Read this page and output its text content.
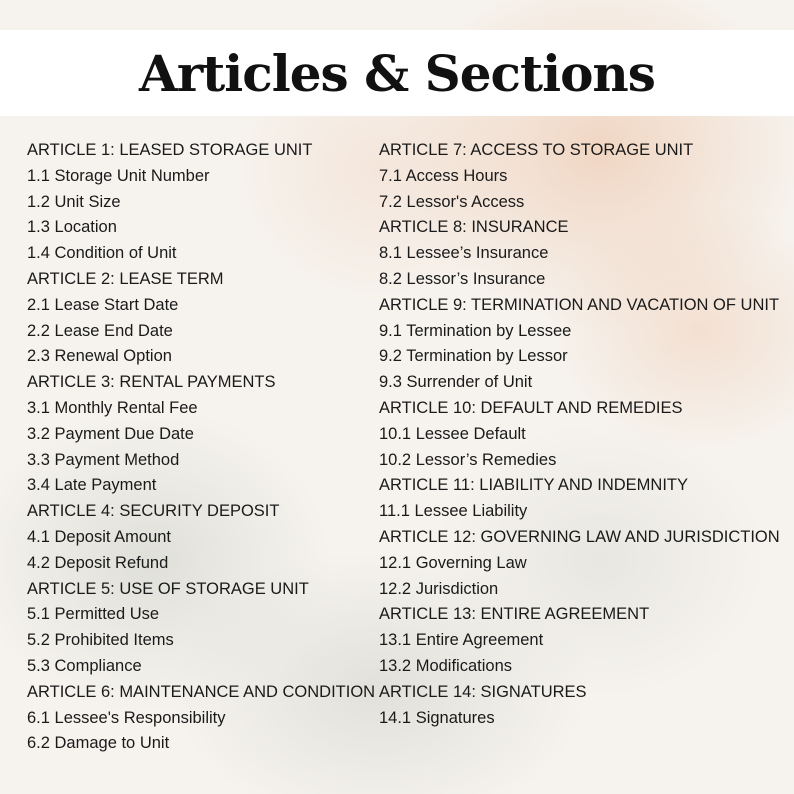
Articles & Sections
ARTICLE 1: LEASED STORAGE UNIT
1.1 Storage Unit Number
1.2 Unit Size
1.3 Location
1.4 Condition of Unit
ARTICLE 2: LEASE TERM
2.1 Lease Start Date
2.2 Lease End Date
2.3 Renewal Option
ARTICLE 3: RENTAL PAYMENTS
3.1 Monthly Rental Fee
3.2 Payment Due Date
3.3 Payment Method
3.4 Late Payment
ARTICLE 4: SECURITY DEPOSIT
4.1 Deposit Amount
4.2 Deposit Refund
ARTICLE 5: USE OF STORAGE UNIT
5.1 Permitted Use
5.2 Prohibited Items
5.3 Compliance
ARTICLE 6: MAINTENANCE AND CONDITION
6.1 Lessee's Responsibility
6.2 Damage to Unit
ARTICLE 7: ACCESS TO STORAGE UNIT
7.1 Access Hours
7.2 Lessor's Access
ARTICLE 8: INSURANCE
8.1 Lessee’s Insurance
8.2 Lessor’s Insurance
ARTICLE 9: TERMINATION AND VACATION OF UNIT
9.1 Termination by Lessee
9.2 Termination by Lessor
9.3 Surrender of Unit
ARTICLE 10: DEFAULT AND REMEDIES
10.1 Lessee Default
10.2 Lessor’s Remedies
ARTICLE 11: LIABILITY AND INDEMNITY
11.1 Lessee Liability
ARTICLE 12: GOVERNING LAW AND JURISDICTION
12.1 Governing Law
12.2 Jurisdiction
ARTICLE 13: ENTIRE AGREEMENT
13.1 Entire Agreement
13.2 Modifications
ARTICLE 14: SIGNATURES
14.1 Signatures
